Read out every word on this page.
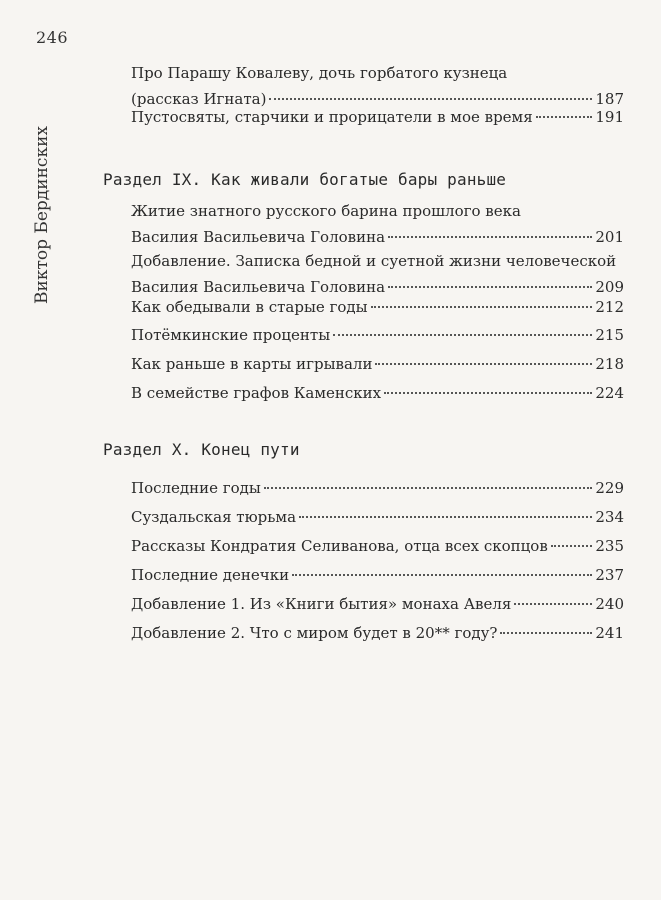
246
Виктор Бердинских
Про Парашу Ковалеву, дочь горбатого кузнеца
(рассказ Игната)	187
Пустосвяты, старчики и прорицатели в мое время	191
Раздел IX. Как живали богатые бары раньше
Житие знатного русского барина прошлого века
Василия Васильевича Головина	201
Добавление. Записка бедной и суетной жизни человеческой
Василия Васильевича Головина	209
Как обедывали в старые годы	212
Потёмкинские проценты	215
Как раньше в карты игрывали	218
В семействе графов Каменских	224
Раздел X. Конец пути
Последние годы	229
Суздальская тюрьма	234
Рассказы Кондратия Селиванова, отца всех скопцов	235
Последние денечки	237
Добавление 1. Из «Книги бытия» монаха Авеля	240
Добавление 2. Что с миром будет в 20** году?	241
